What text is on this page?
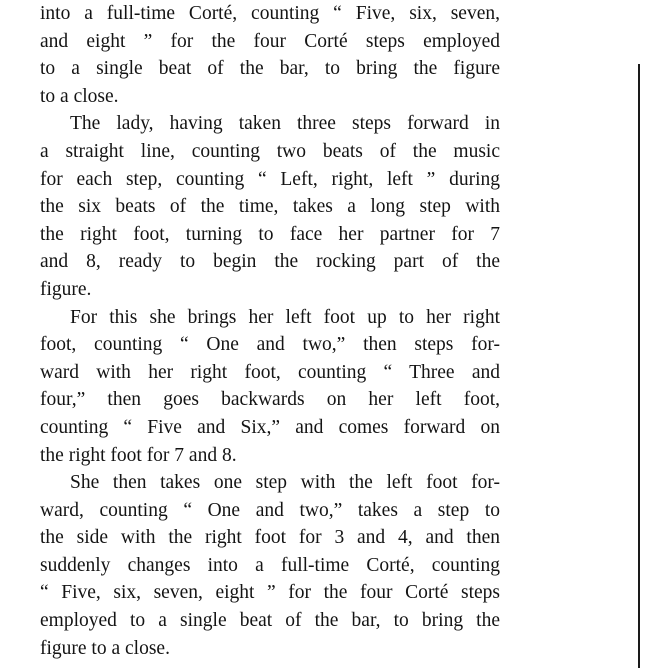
into a full-time Corté, counting “ Five, six, seven,
and eight ” for the four Corté steps employed
to a single beat of the bar, to bring the figure
to a close.
The lady, having taken three steps forward in
a straight line, counting two beats of the music
for each step, counting “ Left, right, left ” during
the six beats of the time, takes a long step with
the right foot, turning to face her partner for 7
and 8, ready to begin the rocking part of the
figure.
For this she brings her left foot up to her right
foot, counting “ One and two,” then steps for-
ward with her right foot, counting “ Three and
four,” then goes backwards on her left foot,
counting “ Five and Six,” and comes forward on
the right foot for 7 and 8.
She then takes one step with the left foot for-
ward, counting “ One and two,” takes a step to
the side with the right foot for 3 and 4, and then
suddenly changes into a full-time Corté, counting
“ Five, six, seven, eight ” for the four Corté steps
employed to a single beat of the bar, to bring the
figure to a close.
